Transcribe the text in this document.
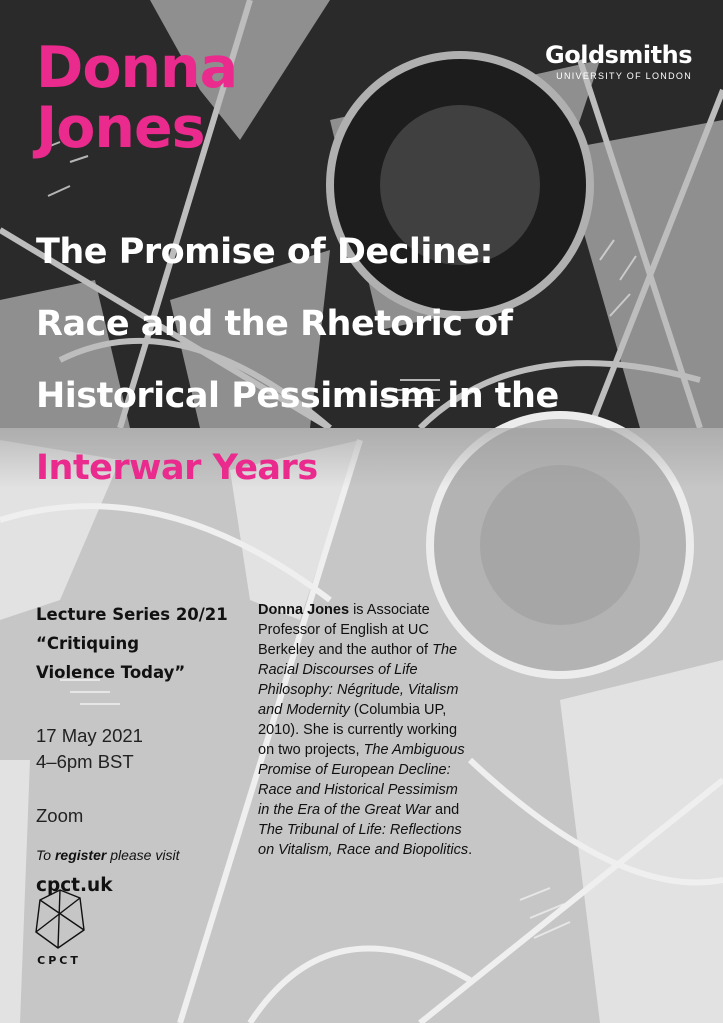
Donna
Jones
Goldsmiths
UNIVERSITY OF LONDON
The Promise of Decline:
Race and the Rhetoric of
Historical Pessimism in the
Interwar Years
Lecture Series 20/21
“Critiquing
Violence Today”
17 May 2021
4–6pm BST
Zoom
To register please visit
cpct.uk
CPCT

Donna Jones is Associate Professor of English at UC Berkeley and the author of The Racial Discourses of Life Philosophy: Négritude, Vitalism and Modernity (Columbia UP, 2010). She is currently working on two projects, The Ambiguous Promise of European Decline: Race and Historical Pessimism in the Era of the Great War and The Tribunal of Life: Reflections on Vitalism, Race and Biopolitics.
